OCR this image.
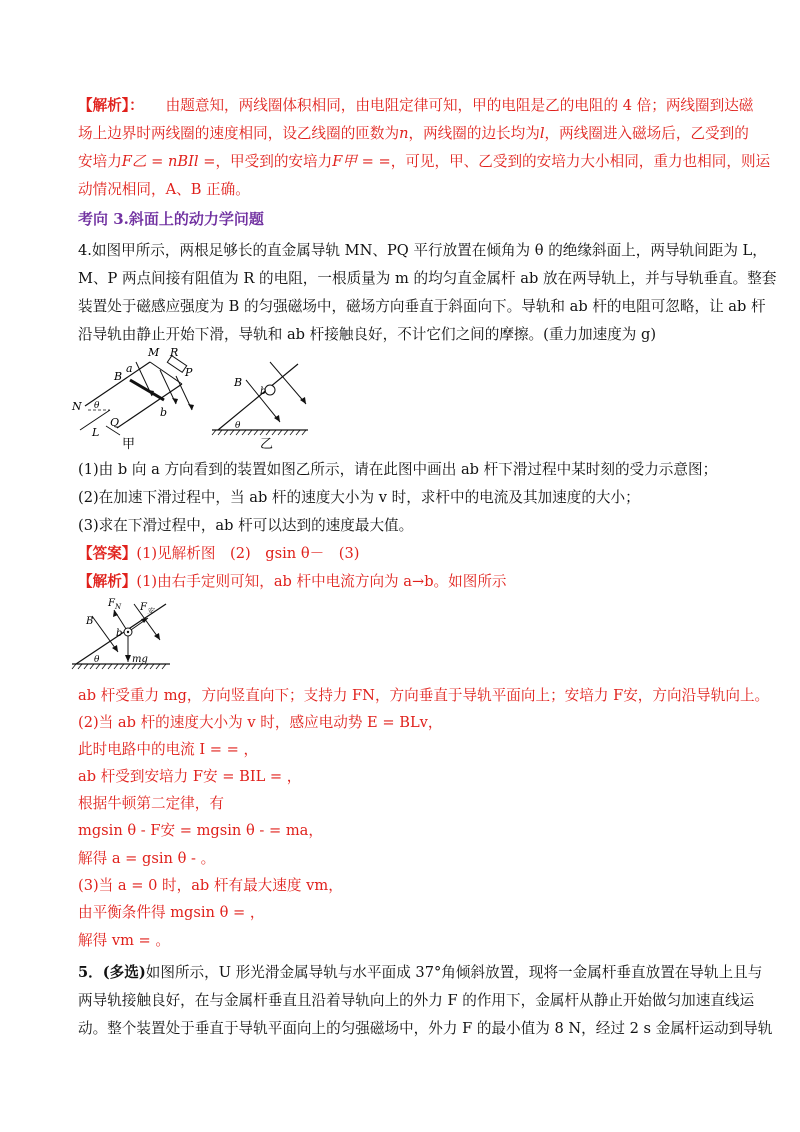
【解析】： 由题意知，两线圈体积相同，由电阻定律可知，甲的电阻是乙的电阻的 4 倍；两线圈到达磁
场上边界时两线圈的速度相同，设乙线圈的匝数为n，两线圈的边长均为l，两线圈进入磁场后，乙受到的
安培力F乙 = nBIl =，甲受到的安培力F甲 = =，可见，甲、乙受到的安培力大小相同，重力也相同，则运
动情况相同，A、B 正确。
考向 3.斜面上的动力学问题
4.如图甲所示，两根足够长的直金属导轨 MN、PQ 平行放置在倾角为 θ 的绝缘斜面上，两导轨间距为 L，
M、P 两点间接有阻值为 R 的电阻，一根质量为 m 的均匀直金属杆 ab 放在两导轨上，并与导轨垂直。整套
装置处于磁感应强度为 B 的匀强磁场中，磁场方向垂直于斜面向下。导轨和 ab 杆的电阻可忽略，让 ab 杆
沿导轨由静止开始下滑，导轨和 ab 杆接触良好，不计它们之间的摩擦。(重力加速度为 g)
M R
P
a
B
b
N θ
Q
L
甲
B
b
θ
乙
(1)由 b 向 a 方向看到的装置如图乙所示，请在此图中画出 ab 杆下滑过程中某时刻的受力示意图；
(2)在加速下滑过程中，当 ab 杆的速度大小为 v 时，求杆中的电流及其加速度的大小；
(3)求在下滑过程中，ab 杆可以达到的速度最大值。
【答案】(1)见解析图　(2)　gsin θ－　(3)
【解析】(1)由右手定则可知，ab 杆中电流方向为 a→b。如图所示
$F_N$ $F_安$
B
b
θ	mg
ab 杆受重力 mg，方向竖直向下；支持力 FN，方向垂直于导轨平面向上；安培力 F安，方向沿导轨向上。
(2)当 ab 杆的速度大小为 v 时，感应电动势 E = BLv，
此时电路中的电流 I = = ，
ab 杆受到安培力 F安 = BIL = ，
根据牛顿第二定律，有
mgsin θ - F安 = mgsin θ - = ma，
解得 a = gsin θ - 。
(3)当 a = 0 时，ab 杆有最大速度 vm，
由平衡条件得 mgsin θ = ，
解得 vm = 。
5．(多选)如图所示，U 形光滑金属导轨与水平面成 37°角倾斜放置，现将一金属杆垂直放置在导轨上且与
两导轨接触良好，在与金属杆垂直且沿着导轨向上的外力 F 的作用下，金属杆从静止开始做匀加速直线运
动。整个装置处于垂直于导轨平面向上的匀强磁场中，外力 F 的最小值为 8 N，经过 2 s 金属杆运动到导轨
